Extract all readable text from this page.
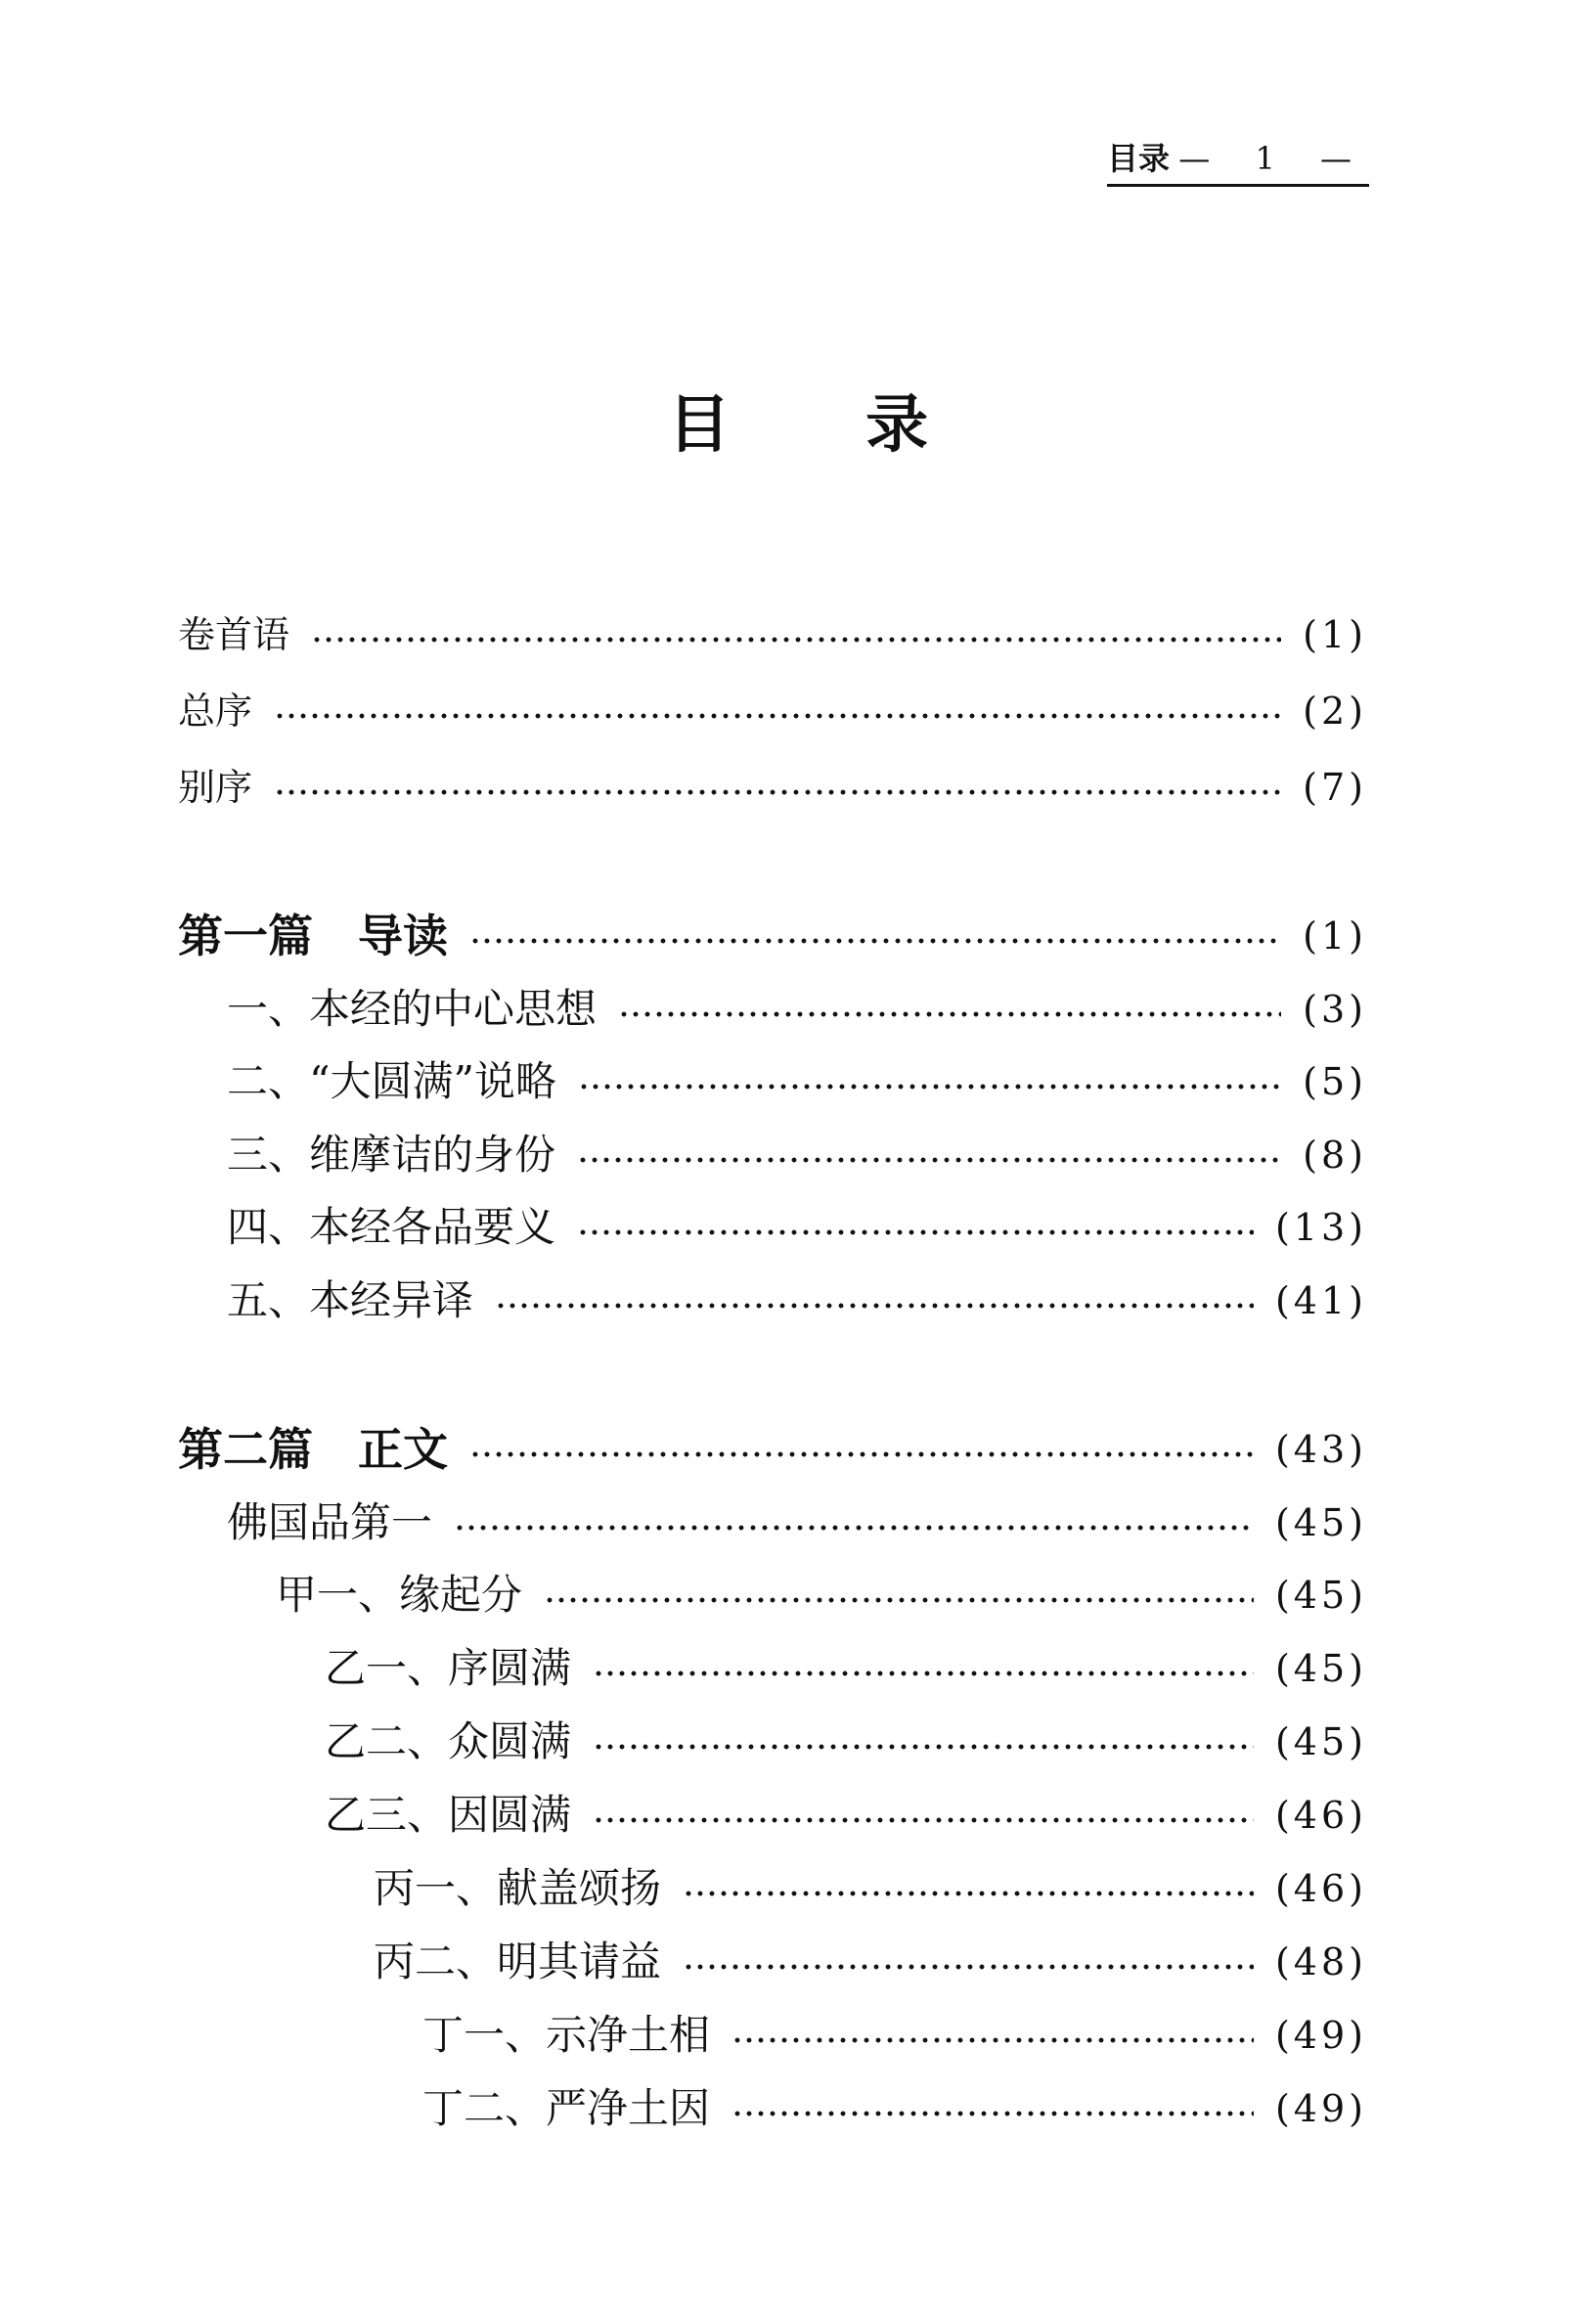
目录 — 1 —
目 录
卷首语	(1)
总序	(2)
别序	(7)
第一篇　导读	(1)
一、本经的中心思想	(3)
二、“大圆满”说略	(5)
三、维摩诘的身份	(8)
四、本经各品要义	(13)
五、本经异译	(41)
第二篇　正文	(43)
佛国品第一	(45)
甲一、缘起分	(45)
乙一、序圆满	(45)
乙二、众圆满	(45)
乙三、因圆满	(46)
丙一、献盖颂扬	(46)
丙二、明其请益	(48)
丁一、示净土相	(49)
丁二、严净土因	(49)
